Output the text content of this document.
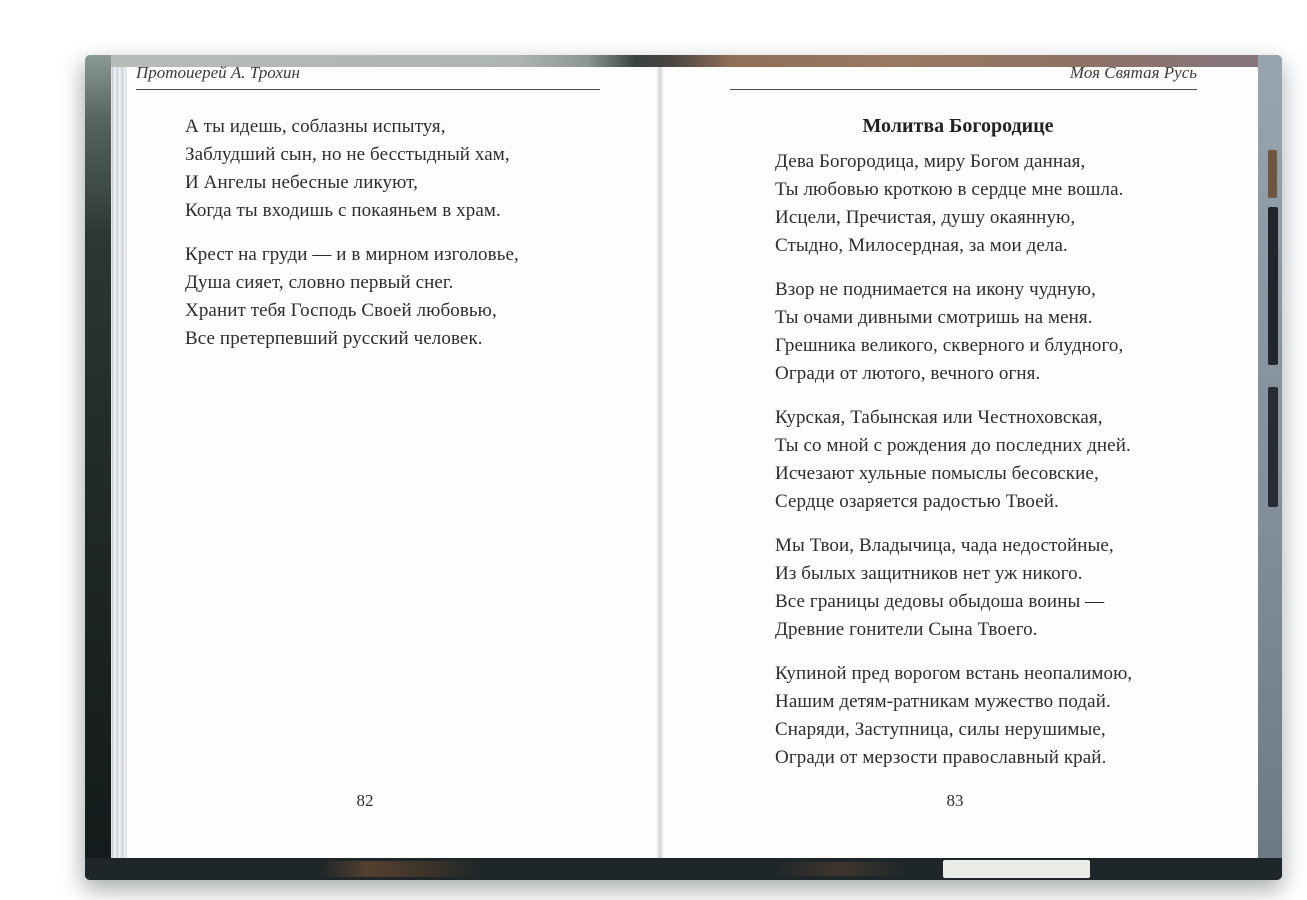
Протоиерей А. Трохин
А ты идешь, соблазны испытуя,
Заблудший сын, но не бесстыдный хам,
И Ангелы небесные ликуют,
Когда ты входишь с покаяньем в храм.
Крест на груди — и в мирном изголовье,
Душа сияет, словно первый снег.
Хранит тебя Господь Своей любовью,
Все претерпевший русский человек.
82
Моя Святая Русь
Молитва Богородице
Дева Богородица, миру Богом данная,
Ты любовью кроткою в сердце мне вошла.
Исцели, Пречистая, душу окаянную,
Стыдно, Милосердная, за мои дела.
Взор не поднимается на икону чудную,
Ты очами дивными смотришь на меня.
Грешника великого, скверного и блудного,
Огради от лютого, вечного огня.
Курская, Табынская или Честноховская,
Ты со мной с рождения до последних дней.
Исчезают хульные помыслы бесовские,
Сердце озаряется радостью Твоей.
Мы Твои, Владычица, чада недостойные,
Из былых защитников нет уж никого.
Все границы дедовы обыдоша воины —
Древние гонители Сына Твоего.
Купиной пред ворогом встань неопалимою,
Нашим детям-ратникам мужество подай.
Снаряди, Заступница, силы нерушимые,
Огради от мерзости православный край.
83
